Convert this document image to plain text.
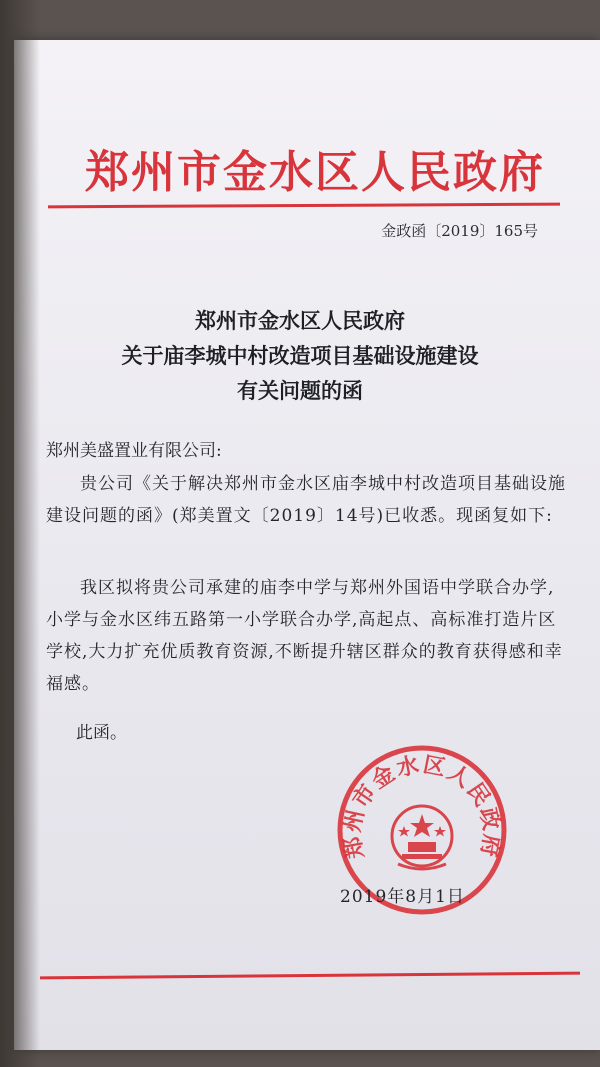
郑州市金水区人民政府
金政函〔2019〕165号
郑州市金水区人民政府
关于庙李城中村改造项目基础设施建设
有关问题的函
郑州美盛置业有限公司:
贵公司《关于解决郑州市金水区庙李城中村改造项目基础设施建设问题的函》(郑美置文〔2019〕14号)已收悉。现函复如下:
我区拟将贵公司承建的庙李中学与郑州外国语中学联合办学,小学与金水区纬五路第一小学联合办学,高起点、高标准打造片区学校,大力扩充优质教育资源,不断提升辖区群众的教育获得感和幸福感。
此函。
郑州市金水区人民政府
2019年8月1日
